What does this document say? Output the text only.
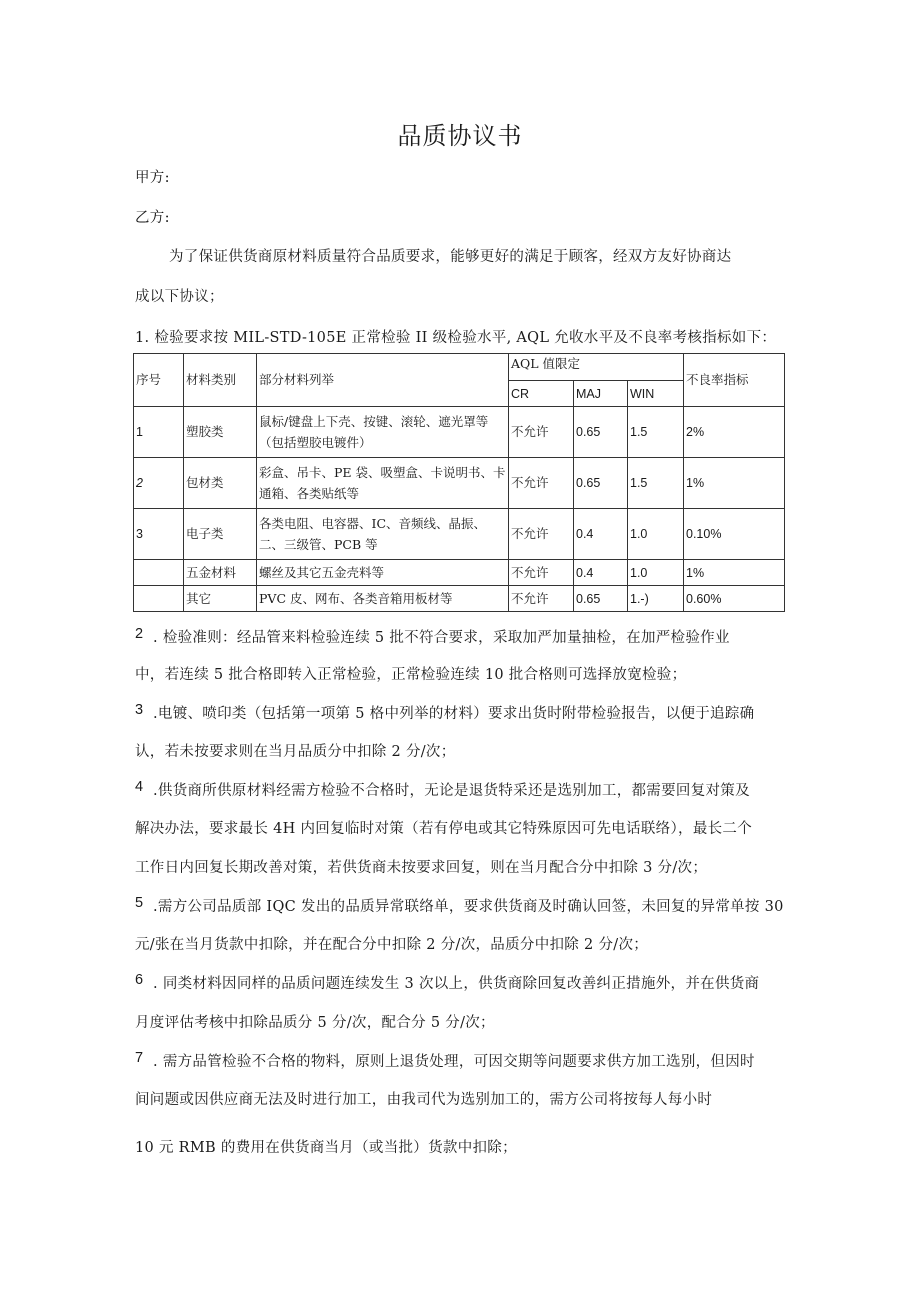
品质协议书
甲方:
乙方:
为了保证供货商原材料质量符合品质要求，能够更好的满足于顾客，经双方友好协商达
成以下协议；
1. 检验要求按 MIL-STD-105E 正常检验 II 级检验水平, AQL 允收水平及不良率考核指标如下：
序号	材料类别	部分材料列举	AQL 值限定			不良率指标
			CR	MAJ	WIN	
1	塑胶类	鼠标/键盘上下壳、按键、滚轮、遮光罩等（包括塑胶电镀件）	不允许	0.65	1.5	2%
2	包材类	彩盒、吊卡、PE 袋、吸塑盒、卡说明书、卡通箱、各类贴纸等	不允许	0.65	1.5	1%
3	电子类	各类电阻、电容器、IC、音频线、晶振、二、三级管、PCB 等	不允许	0.4	1.0	0.10%
	五金材料	螺丝及其它五金壳料等	不允许	0.4	1.0	1%
	其它	PVC 皮、网布、各类音箱用板材等	不允许	0.65	1.-)	0.60%
2 . 检验准则：经品管来料检验连续 5 批不符合要求，采取加严加量抽检，在加严检验作业
中，若连续 5 批合格即转入正常检验，正常检验连续 10 批合格则可选择放宽检验；
3 .电镀、喷印类（包括第一项第 5 格中列举的材料）要求出货时附带检验报告，以便于追踪确
认，若未按要求则在当月品质分中扣除 2 分/次；
4 .供货商所供原材料经需方检验不合格时，无论是退货特采还是选别加工，都需要回复对策及
解决办法，要求最长 4H 内回复临时对策（若有停电或其它特殊原因可先电话联络），最长二个
工作日内回复长期改善对策，若供货商未按要求回复，则在当月配合分中扣除 3 分/次；
5 .需方公司品质部 IQC 发出的品质异常联络单，要求供货商及时确认回签，未回复的异常单按 30
元/张在当月货款中扣除，并在配合分中扣除 2 分/次，品质分中扣除 2 分/次；
6 . 同类材料因同样的品质问题连续发生 3 次以上，供货商除回复改善纠正措施外，并在供货商
月度评估考核中扣除品质分 5 分/次，配合分 5 分/次；
7 . 需方品管检验不合格的物料，原则上退货处理，可因交期等问题要求供方加工选别，但因时
间问题或因供应商无法及时进行加工，由我司代为选别加工的，需方公司将按每人每小时
10 元 RMB 的费用在供货商当月（或当批）货款中扣除；
